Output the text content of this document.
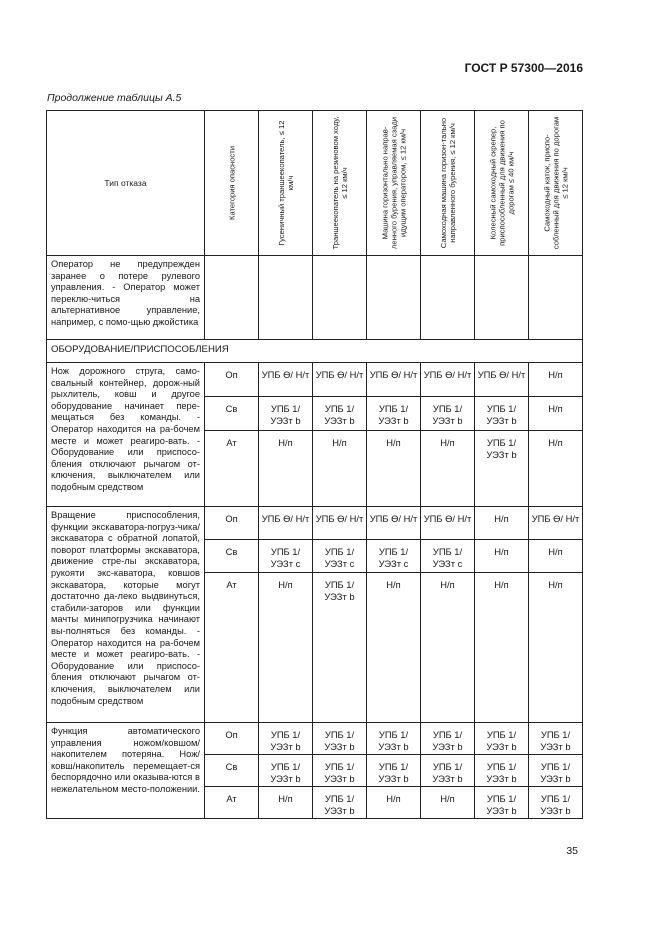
ГОСТ Р 57300—2016
Продолжение таблицы А.5
Тип отказа	Категория опасности	Гусеничный траншеекопатель, ≤ 12 км/ч	Траншеекопатель на резиновом ходу, ≤ 12 км/ч	Машина горизонтально направ-ленного бурения, управляемая сзади идущим оператором, ≤ 12 км/ч	Самоходная машина горизон-тально направленного бурения, ≤ 12 км/ч	Колесный самоходный скрепер, приспособленный для движения по дорогам ≤ 40 км/ч	Самоходный каток, приспо-собленный для движения по дорогам ≤ 12 км/ч

Оператор не предупрежден заранее о потере рулевого управления. - Оператор может переклю-читься на альтернативное управление, например, с помо-щью джойстика							
ОБОРУДОВАНИЕ/ПРИСПОСОБЛЕНИЯ							
Нож дорожного струга, само-свальный контейнер, дорож-ный рыхлитель, ковш и другое оборудование начинает пере-мещаться без команды. - Оператор находится на ра-бочем месте и может реагиро-вать. - Оборудование или приспосо-бления отключают рычагом от-ключения, выключателем или подобным средством	Оп	УПБ Ѳ/ Н/т	УПБ Ѳ/ Н/т	УПБ Ѳ/ Н/т	УПБ Ѳ/ Н/т	УПБ Ѳ/ Н/т	Н/п
	Св	УПБ 1/ УЭЗт b	УПБ 1/ УЭЗт b	УПБ 1/ УЭЗт b	УПБ 1/ УЭЗт b	УПБ 1/ УЭЗт b	Н/п
	Ат	Н/п	Н/п	Н/п	Н/п	УПБ 1/ УЭЗт b	Н/п
Вращение приспособления, функции экскаватора-погруз-чика/экскаватора с обратной лопатой, поворот платформы экскаватора, движение стре-лы экскаватора, рукояти экс-каватора, ковшов экскаватора, которые могут достаточно да-леко выдвинуться, стабили-заторов или функции мачты минипогрузчика начинают вы-полняться без команды. - Оператор находится на ра-бочем месте и может реагиро-вать. - Оборудование или приспосо-бления отключают рычагом от-ключения, выключателем или подобным средством	Оп	УПБ Ѳ/ Н/т	УПБ Ѳ/ Н/т	УПБ Ѳ/ Н/т	УПБ Ѳ/ Н/т	Н/п	УПБ Ѳ/ Н/т
	Св	УПБ 1/ УЭЗт c	УПБ 1/ УЭЗт c	УПБ 1/ УЭЗт c	УПБ 1/ УЭЗт c	Н/п	Н/п
	Ат	Н/п	УПБ 1/ УЭЗт b	Н/п	Н/п	Н/п	Н/п
Функция автоматического управления ножом/ковшом/ накопителем потеряна. Нож/ ковш/накопитель перемещает-ся беспорядочно или оказыва-ются в нежелательном место-положении.	Оп	УПБ 1/ УЭЗт b	УПБ 1/ УЭЗт b	УПБ 1/ УЭЗт b	УПБ 1/ УЭЗт b	УПБ 1/ УЭЗт b	УПБ 1/ УЭЗт b
	Св	УПБ 1/ УЭЗт b	УПБ 1/ УЭЗт b	УПБ 1/ УЭЗт b	УПБ 1/ УЭЗт b	УПБ 1/ УЭЗт b	УПБ 1/ УЭЗт b
	Ат	Н/п	УПБ 1/ УЭЗт b	Н/п	Н/п	УПБ 1/ УЭЗт b	УПБ 1/ УЭЗт b
35
